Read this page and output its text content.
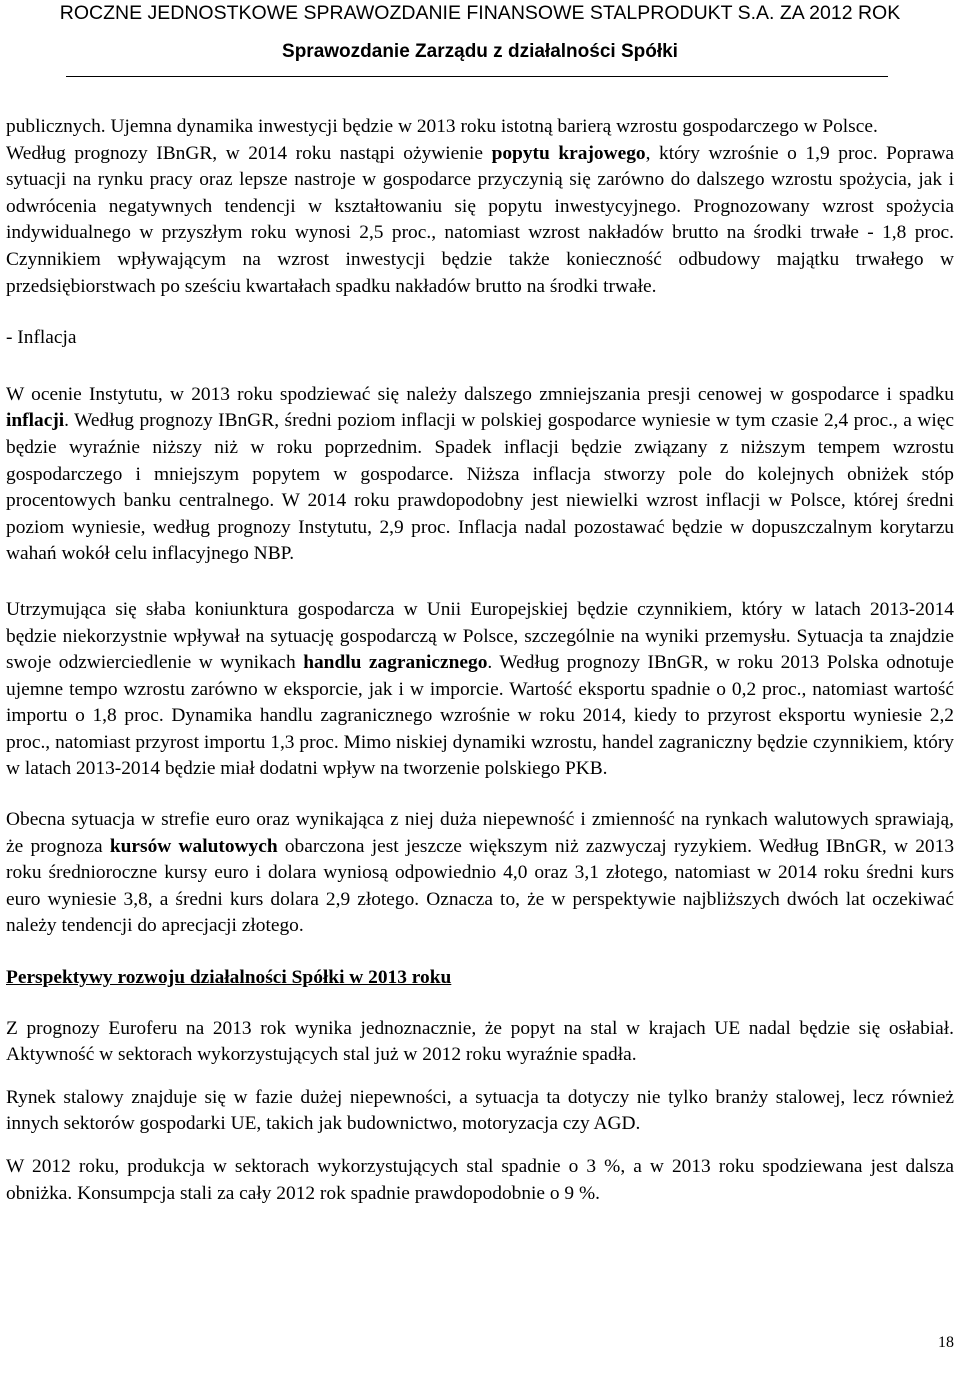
ROCZNE JEDNOSTKOWE SPRAWOZDANIE FINANSOWE STALPRODUKT S.A. ZA 2012 ROK
Sprawozdanie Zarządu z działalności Spółki

publicznych. Ujemna dynamika inwestycji będzie w 2013 roku istotną barierą wzrostu gospodarczego w Polsce.

Według prognozy IBnGR, w 2014 roku nastąpi ożywienie popytu krajowego, który wzrośnie o 1,9 proc. Poprawa sytuacji na rynku pracy oraz lepsze nastroje w gospodarce przyczynią się zarówno do dalszego wzrostu spożycia, jak i odwrócenia negatywnych tendencji w kształtowaniu się popytu inwestycyjnego. Prognozowany wzrost spożycia indywidualnego w przyszłym roku wynosi 2,5 proc., natomiast wzrost nakładów brutto na środki trwałe - 1,8 proc. Czynnikiem wpływającym na wzrost inwestycji będzie także konieczność odbudowy majątku trwałego w przedsiębiorstwach po sześciu kwartałach spadku nakładów brutto na środki trwałe.

- Inflacja

W ocenie Instytutu, w 2013 roku spodziewać się należy dalszego zmniejszania presji cenowej w gospodarce i spadku inflacji. Według prognozy IBnGR, średni poziom inflacji w polskiej gospodarce wyniesie w tym czasie 2,4 proc., a więc będzie wyraźnie niższy niż w roku poprzednim. Spadek inflacji będzie związany z niższym tempem wzrostu gospodarczego i mniejszym popytem w gospodarce. Niższa inflacja stworzy pole do kolejnych obniżek stóp procentowych banku centralnego. W 2014 roku prawdopodobny jest niewielki wzrost inflacji w Polsce, której średni poziom wyniesie, według prognozy Instytutu, 2,9 proc. Inflacja nadal pozostawać będzie w dopuszczalnym korytarzu wahań wokół celu inflacyjnego NBP.

Utrzymująca się słaba koniunktura gospodarcza w Unii Europejskiej będzie czynnikiem, który w latach 2013-2014 będzie niekorzystnie wpływał na sytuację gospodarczą w Polsce, szczególnie na wyniki przemysłu. Sytuacja ta znajdzie swoje odzwierciedlenie w wynikach handlu zagranicznego. Według prognozy IBnGR, w roku 2013 Polska odnotuje ujemne tempo wzrostu zarówno w eksporcie, jak i w imporcie. Wartość eksportu spadnie o 0,2 proc., natomiast wartość importu o 1,8 proc. Dynamika handlu zagranicznego wzrośnie w roku 2014, kiedy to przyrost eksportu wyniesie 2,2 proc., natomiast przyrost importu 1,3 proc. Mimo niskiej dynamiki wzrostu, handel zagraniczny będzie czynnikiem, który w latach 2013-2014 będzie miał dodatni wpływ na tworzenie polskiego PKB.

Obecna sytuacja w strefie euro oraz wynikająca z niej duża niepewność i zmienność na rynkach walutowych sprawiają, że prognoza kursów walutowych obarczona jest jeszcze większym niż zazwyczaj ryzykiem. Według IBnGR, w 2013 roku średnioroczne kursy euro i dolara wyniosą odpowiednio 4,0 oraz 3,1 złotego, natomiast w 2014 roku średni kurs euro wyniesie 3,8, a średni kurs dolara 2,9 złotego. Oznacza to, że w perspektywie najbliższych dwóch lat oczekiwać należy tendencji do aprecjacji złotego.

Perspektywy rozwoju działalności Spółki w 2013 roku

Z prognozy Euroferu na 2013 rok wynika jednoznacznie, że popyt na stal w krajach UE nadal będzie się osłabiał. Aktywność w sektorach wykorzystujących stal już w 2012 roku wyraźnie spadła.

Rynek stalowy znajduje się w fazie dużej niepewności, a sytuacja ta dotyczy nie tylko branży stalowej, lecz również innych sektorów gospodarki UE, takich jak budownictwo, motoryzacja czy AGD.

W 2012 roku, produkcja w sektorach wykorzystujących stal spadnie o 3 %, a w 2013 roku spodziewana jest dalsza obniżka. Konsumpcja stali za cały 2012 rok spadnie prawdopodobnie o 9 %.

18
